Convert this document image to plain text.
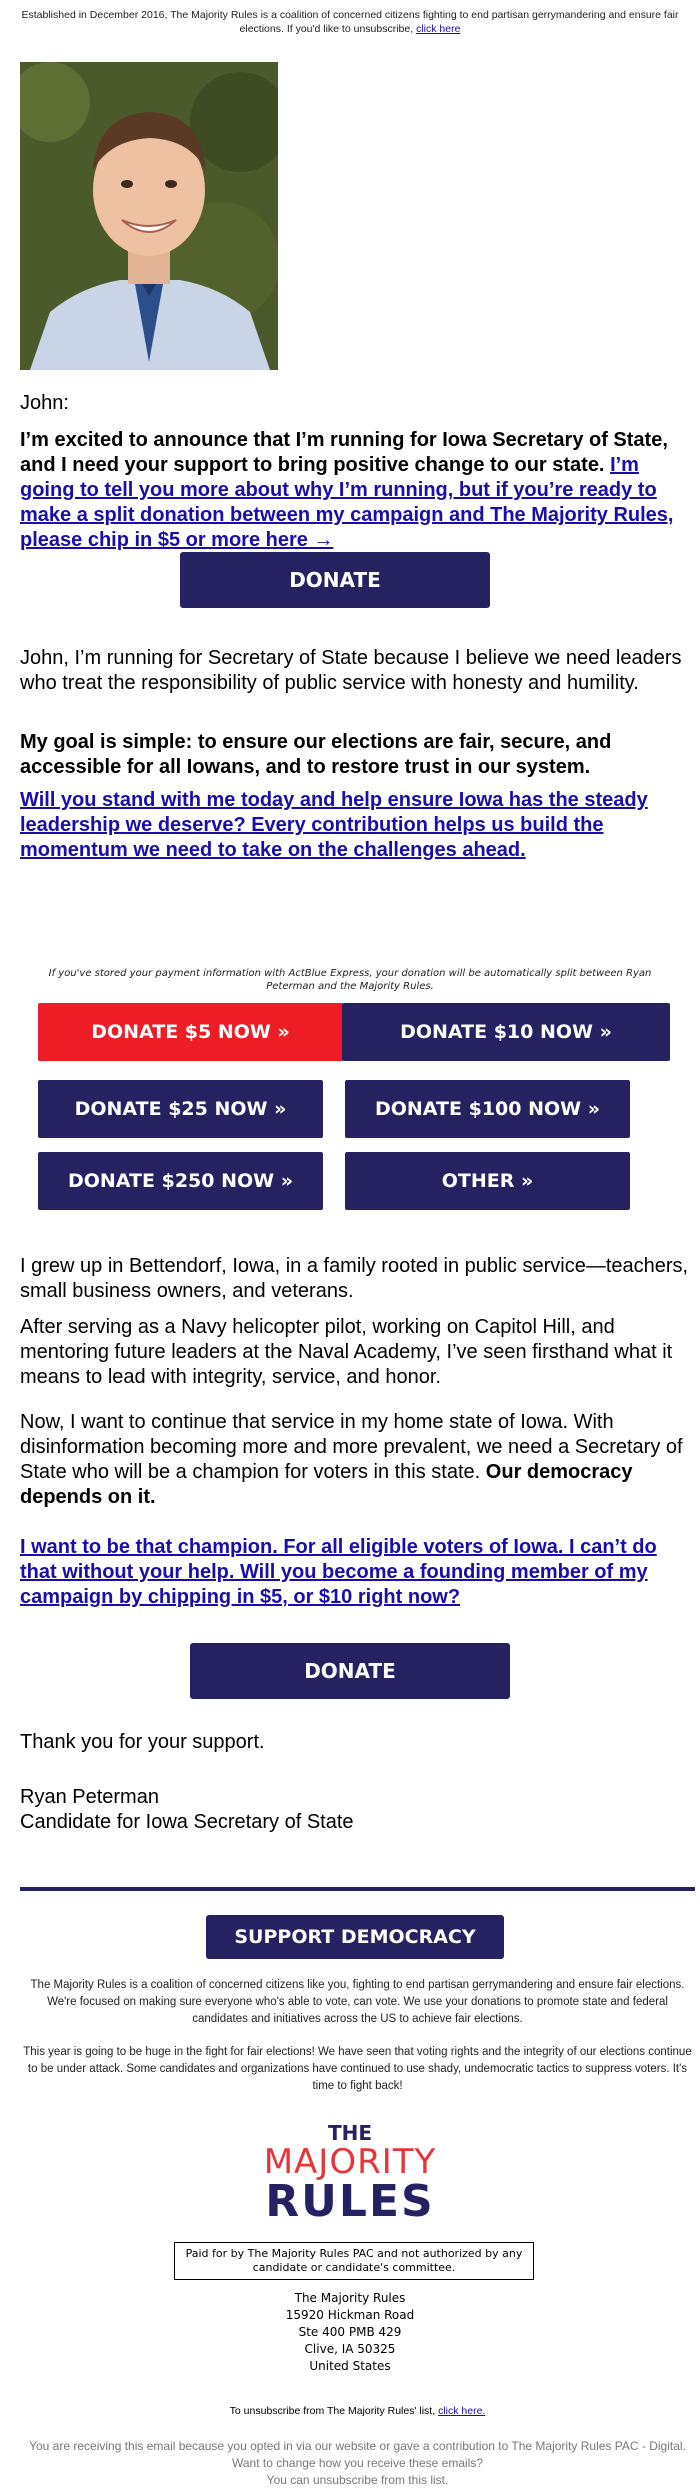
Established in December 2016, The Majority Rules is a coalition of concerned citizens fighting to end partisan gerrymandering and ensure fair elections. If you'd like to unsubscribe, click here
John:
I’m excited to announce that I’m running for Iowa Secretary of State, and I need your support to bring positive change to our state. I’m going to tell you more about why I’m running, but if you’re ready to make a split donation between my campaign and The Majority Rules, please chip in $5 or more here →
DONATE
John, I’m running for Secretary of State because I believe we need leaders who treat the responsibility of public service with honesty and humility.
My goal is simple: to ensure our elections are fair, secure, and accessible for all Iowans, and to restore trust in our system.
Will you stand with me today and help ensure Iowa has the steady leadership we deserve? Every contribution helps us build the momentum we need to take on the challenges ahead.
If you've stored your payment information with ActBlue Express, your donation will be automatically split between Ryan Peterman and the Majority Rules.
DONATE $5 NOW »	DONATE $10 NOW »
DONATE $25 NOW »	DONATE $100 NOW »
DONATE $250 NOW »	OTHER »
I grew up in Bettendorf, Iowa, in a family rooted in public service—teachers, small business owners, and veterans.
After serving as a Navy helicopter pilot, working on Capitol Hill, and mentoring future leaders at the Naval Academy, I’ve seen firsthand what it means to lead with integrity, service, and honor.
Now, I want to continue that service in my home state of Iowa. With disinformation becoming more and more prevalent, we need a Secretary of State who will be a champion for voters in this state. Our democracy depends on it.
I want to be that champion. For all eligible voters of Iowa. I can’t do that without your help. Will you become a founding member of my campaign by chipping in $5, or $10 right now?
DONATE
Thank you for your support.
Ryan Peterman
Candidate for Iowa Secretary of State
SUPPORT DEMOCRACY
The Majority Rules is a coalition of concerned citizens like you, fighting to end partisan gerrymandering and ensure fair elections. We're focused on making sure everyone who's able to vote, can vote. We use your donations to promote state and federal candidates and initiatives across the US to achieve fair elections.
This year is going to be huge in the fight for fair elections! We have seen that voting rights and the integrity of our elections continue to be under attack. Some candidates and organizations have continued to use shady, undemocratic tactics to suppress voters. It's time to fight back!
THE
MAJORITY
RULES
Paid for by The Majority Rules PAC and not authorized by any candidate or candidate's committee.
The Majority Rules
15920 Hickman Road
Ste 400 PMB 429
Clive, IA 50325
United States
To unsubscribe from The Majority Rules' list, click here.
You are receiving this email because you opted in via our website or gave a contribution to The Majority Rules PAC - Digital.
Want to change how you receive these emails?
You can unsubscribe from this list.
